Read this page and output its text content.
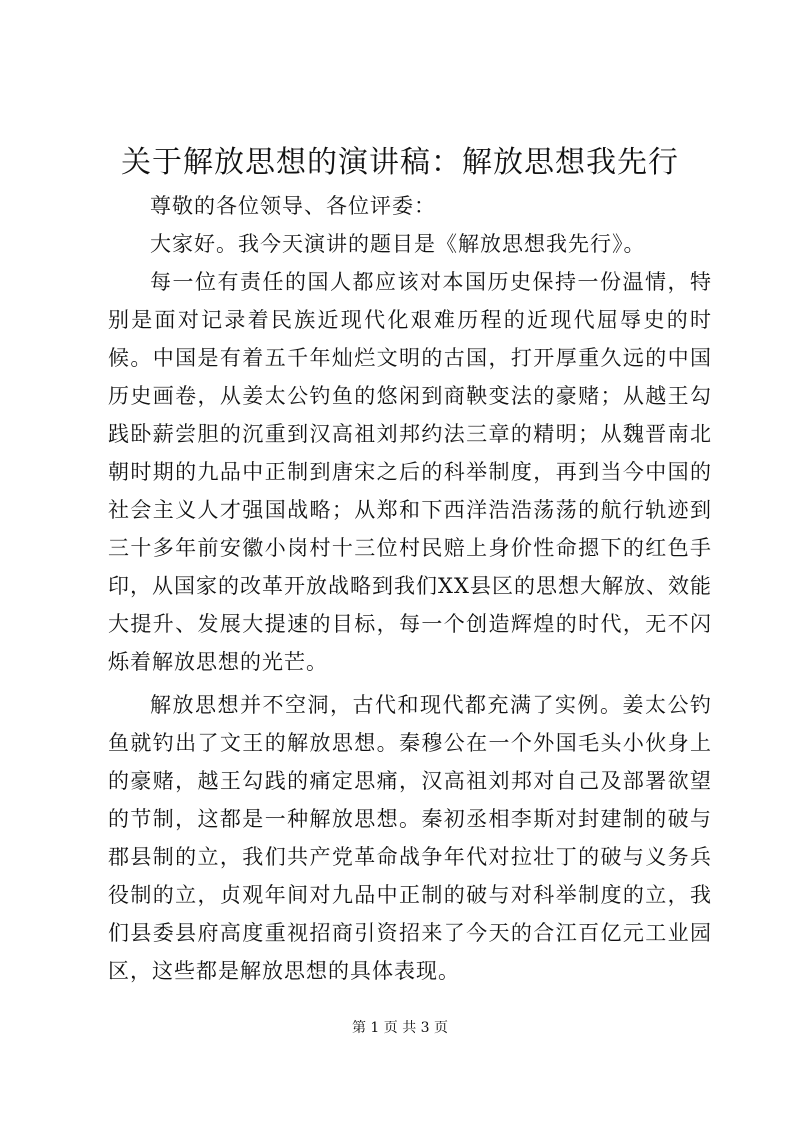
关于解放思想的演讲稿：解放思想我先行

尊敬的各位领导、各位评委：

大家好。我今天演讲的题目是《解放思想我先行》。

每一位有责任的国人都应该对本国历史保持一份温情，特别是面对记录着民族近现代化艰难历程的近现代屈辱史的时候。中国是有着五千年灿烂文明的古国，打开厚重久远的中国历史画卷，从姜太公钓鱼的悠闲到商鞅变法的豪赌；从越王勾践卧薪尝胆的沉重到汉高祖刘邦约法三章的精明；从魏晋南北朝时期的九品中正制到唐宋之后的科举制度，再到当今中国的社会主义人才强国战略；从郑和下西洋浩浩荡荡的航行轨迹到三十多年前安徽小岗村十三位村民赔上身价性命摁下的红色手印，从国家的改革开放战略到我们XX县区的思想大解放、效能大提升、发展大提速的目标，每一个创造辉煌的时代，无不闪烁着解放思想的光芒。

解放思想并不空洞，古代和现代都充满了实例。姜太公钓鱼就钓出了文王的解放思想。秦穆公在一个外国毛头小伙身上的豪赌，越王勾践的痛定思痛，汉高祖刘邦对自己及部署欲望的节制，这都是一种解放思想。秦初丞相李斯对封建制的破与郡县制的立，我们共产党革命战争年代对拉壮丁的破与义务兵役制的立，贞观年间对九品中正制的破与对科举制度的立，我们县委县府高度重视招商引资招来了今天的合江百亿元工业园区，这些都是解放思想的具体表现。

第 1 页 共 3 页
